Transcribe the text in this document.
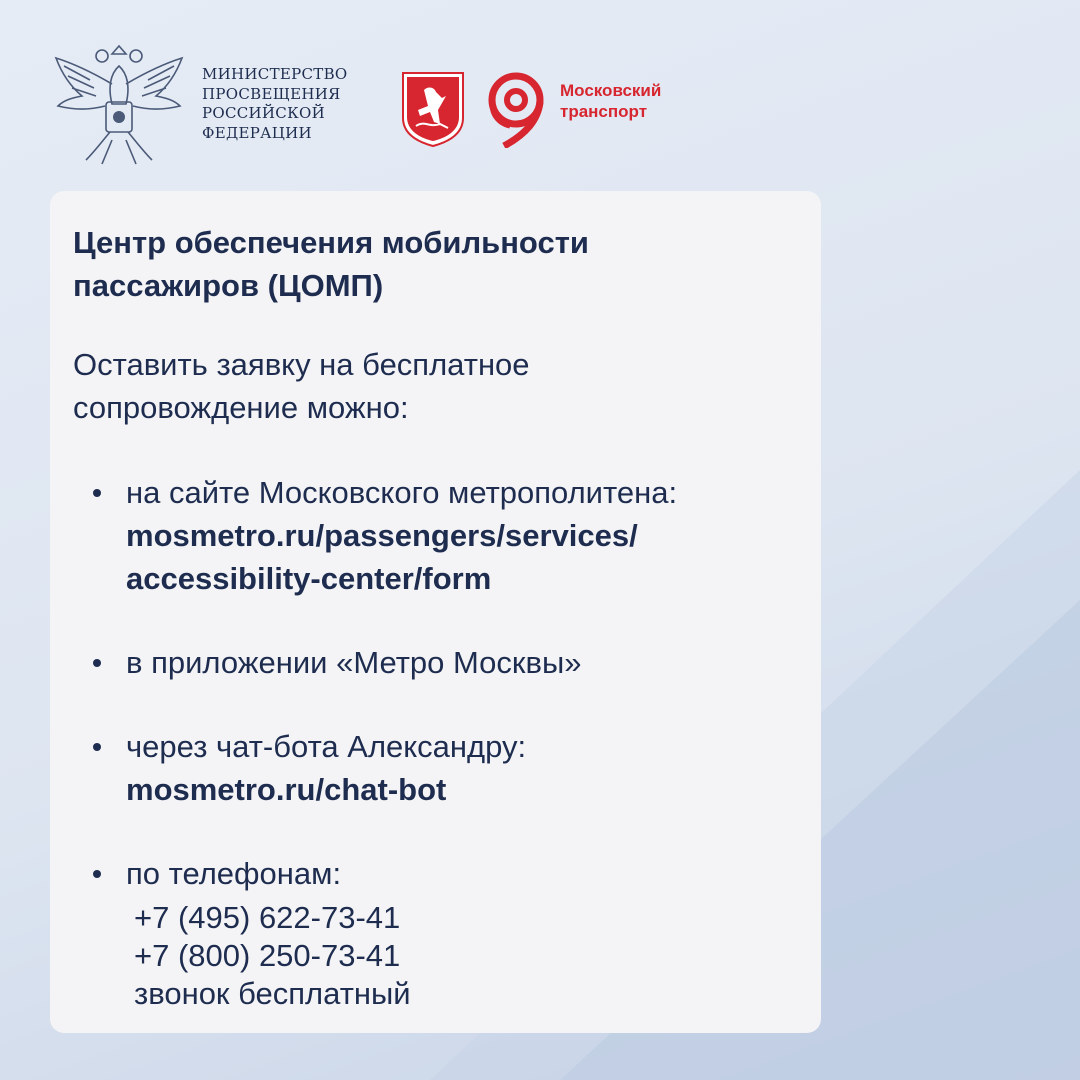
МИНИСТЕРСТВО
ПРОСВЕЩЕНИЯ
РОССИЙСКОЙ
ФЕДЕРАЦИИ
Московский
транспорт
Центр обеспечения мобильности
пассажиров (ЦОМП)
Оставить заявку на бесплатное
сопровождение можно:
на сайте Московского метрополитена:
mosmetro.ru/passengers/services/
accessibility-center/form
в приложении «Метро Москвы»
через чат-бота Александру:
mosmetro.ru/chat-bot
по телефонам:
+7 (495) 622-73-41
+7 (800) 250-73-41
звонок бесплатный
